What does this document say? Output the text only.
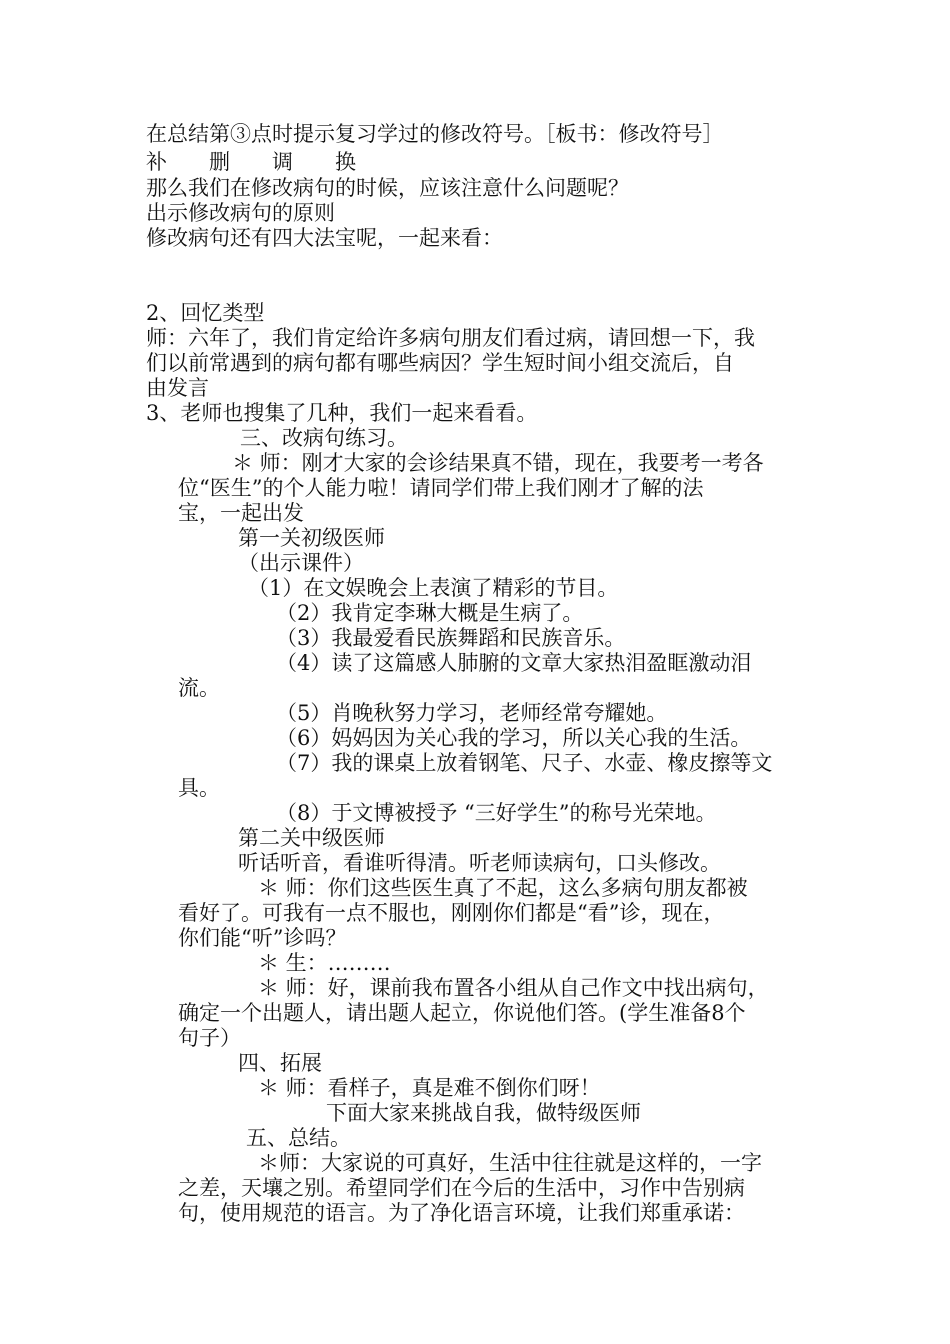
在总结第③点时提示复习学过的修改符号。［板书：修改符号］
补　　删　　调　　换
那么我们在修改病句的时候，应该注意什么问题呢？
出示修改病句的原则
修改病句还有四大法宝呢，一起来看：
2、回忆类型
师：六年了，我们肯定给许多病句朋友们看过病，请回想一下，我
们以前常遇到的病句都有哪些病因？学生短时间小组交流后，自
由发言
3、老师也搜集了几种，我们一起来看看。
三、改病句练习。
＊ 师：刚才大家的会诊结果真不错，现在，我要考一考各
位“医生”的个人能力啦！请同学们带上我们刚才了解的法
宝，一起出发
第一关初级医师
（出示课件）
（1）在文娱晚会上表演了精彩的节目。
（2）我肯定李琳大概是生病了。
（3）我最爱看民族舞蹈和民族音乐。
（4）读了这篇感人肺腑的文章大家热泪盈眶激动泪
流。
（5）肖晚秋努力学习，老师经常夸耀她。
（6）妈妈因为关心我的学习，所以关心我的生活。
（7）我的课桌上放着钢笔、尺子、水壶、橡皮擦等文
具。
（8）于文博被授予 “三好学生”的称号光荣地。
第二关中级医师
听话听音，看谁听得清。听老师读病句，口头修改。
＊ 师：你们这些医生真了不起，这么多病句朋友都被
看好了。可我有一点不服也，刚刚你们都是“看”诊，现在，
你们能“听”诊吗？
＊ 生：………
＊ 师：好，课前我布置各小组从自己作文中找出病句，
确定一个出题人，请出题人起立，你说他们答。(学生准备8个
句子）
四、拓展
＊ 师：看样子，真是难不倒你们呀！
下面大家来挑战自我，做特级医师
五、总结。
＊师：大家说的可真好，生活中往往就是这样的，一字
之差，天壤之别。希望同学们在今后的生活中，习作中告别病
句，使用规范的语言。为了净化语言环境，让我们郑重承诺：
